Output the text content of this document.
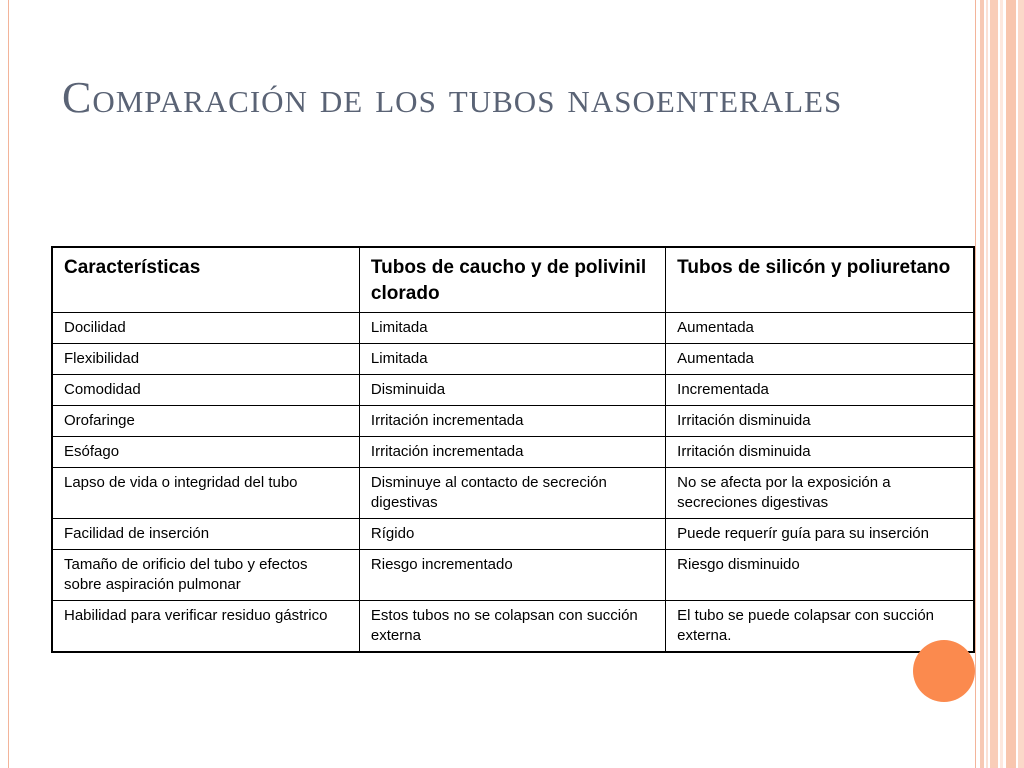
Comparación de los tubos nasoenterales
Características	Tubos de caucho y de polivinil clorado	Tubos de silicón y poliuretano
Docilidad	Limitada	Aumentada
Flexibilidad	Limitada	Aumentada
Comodidad	Disminuida	Incrementada
Orofaringe	Irritación incrementada	Irritación disminuida
Esófago	Irritación incrementada	Irritación disminuida
Lapso de vida o integridad del tubo	Disminuye al contacto de secreción digestivas	No se afecta por la exposición a secreciones digestivas
Facilidad de inserción	Rígido	Puede requerír guía para su inserción
Tamaño de orificio del tubo y efectos sobre aspiración pulmonar	Riesgo incrementado	Riesgo disminuido
Habilidad para verificar residuo gástrico	Estos tubos no se colapsan con succión externa	El tubo se puede colapsar con succión externa.
